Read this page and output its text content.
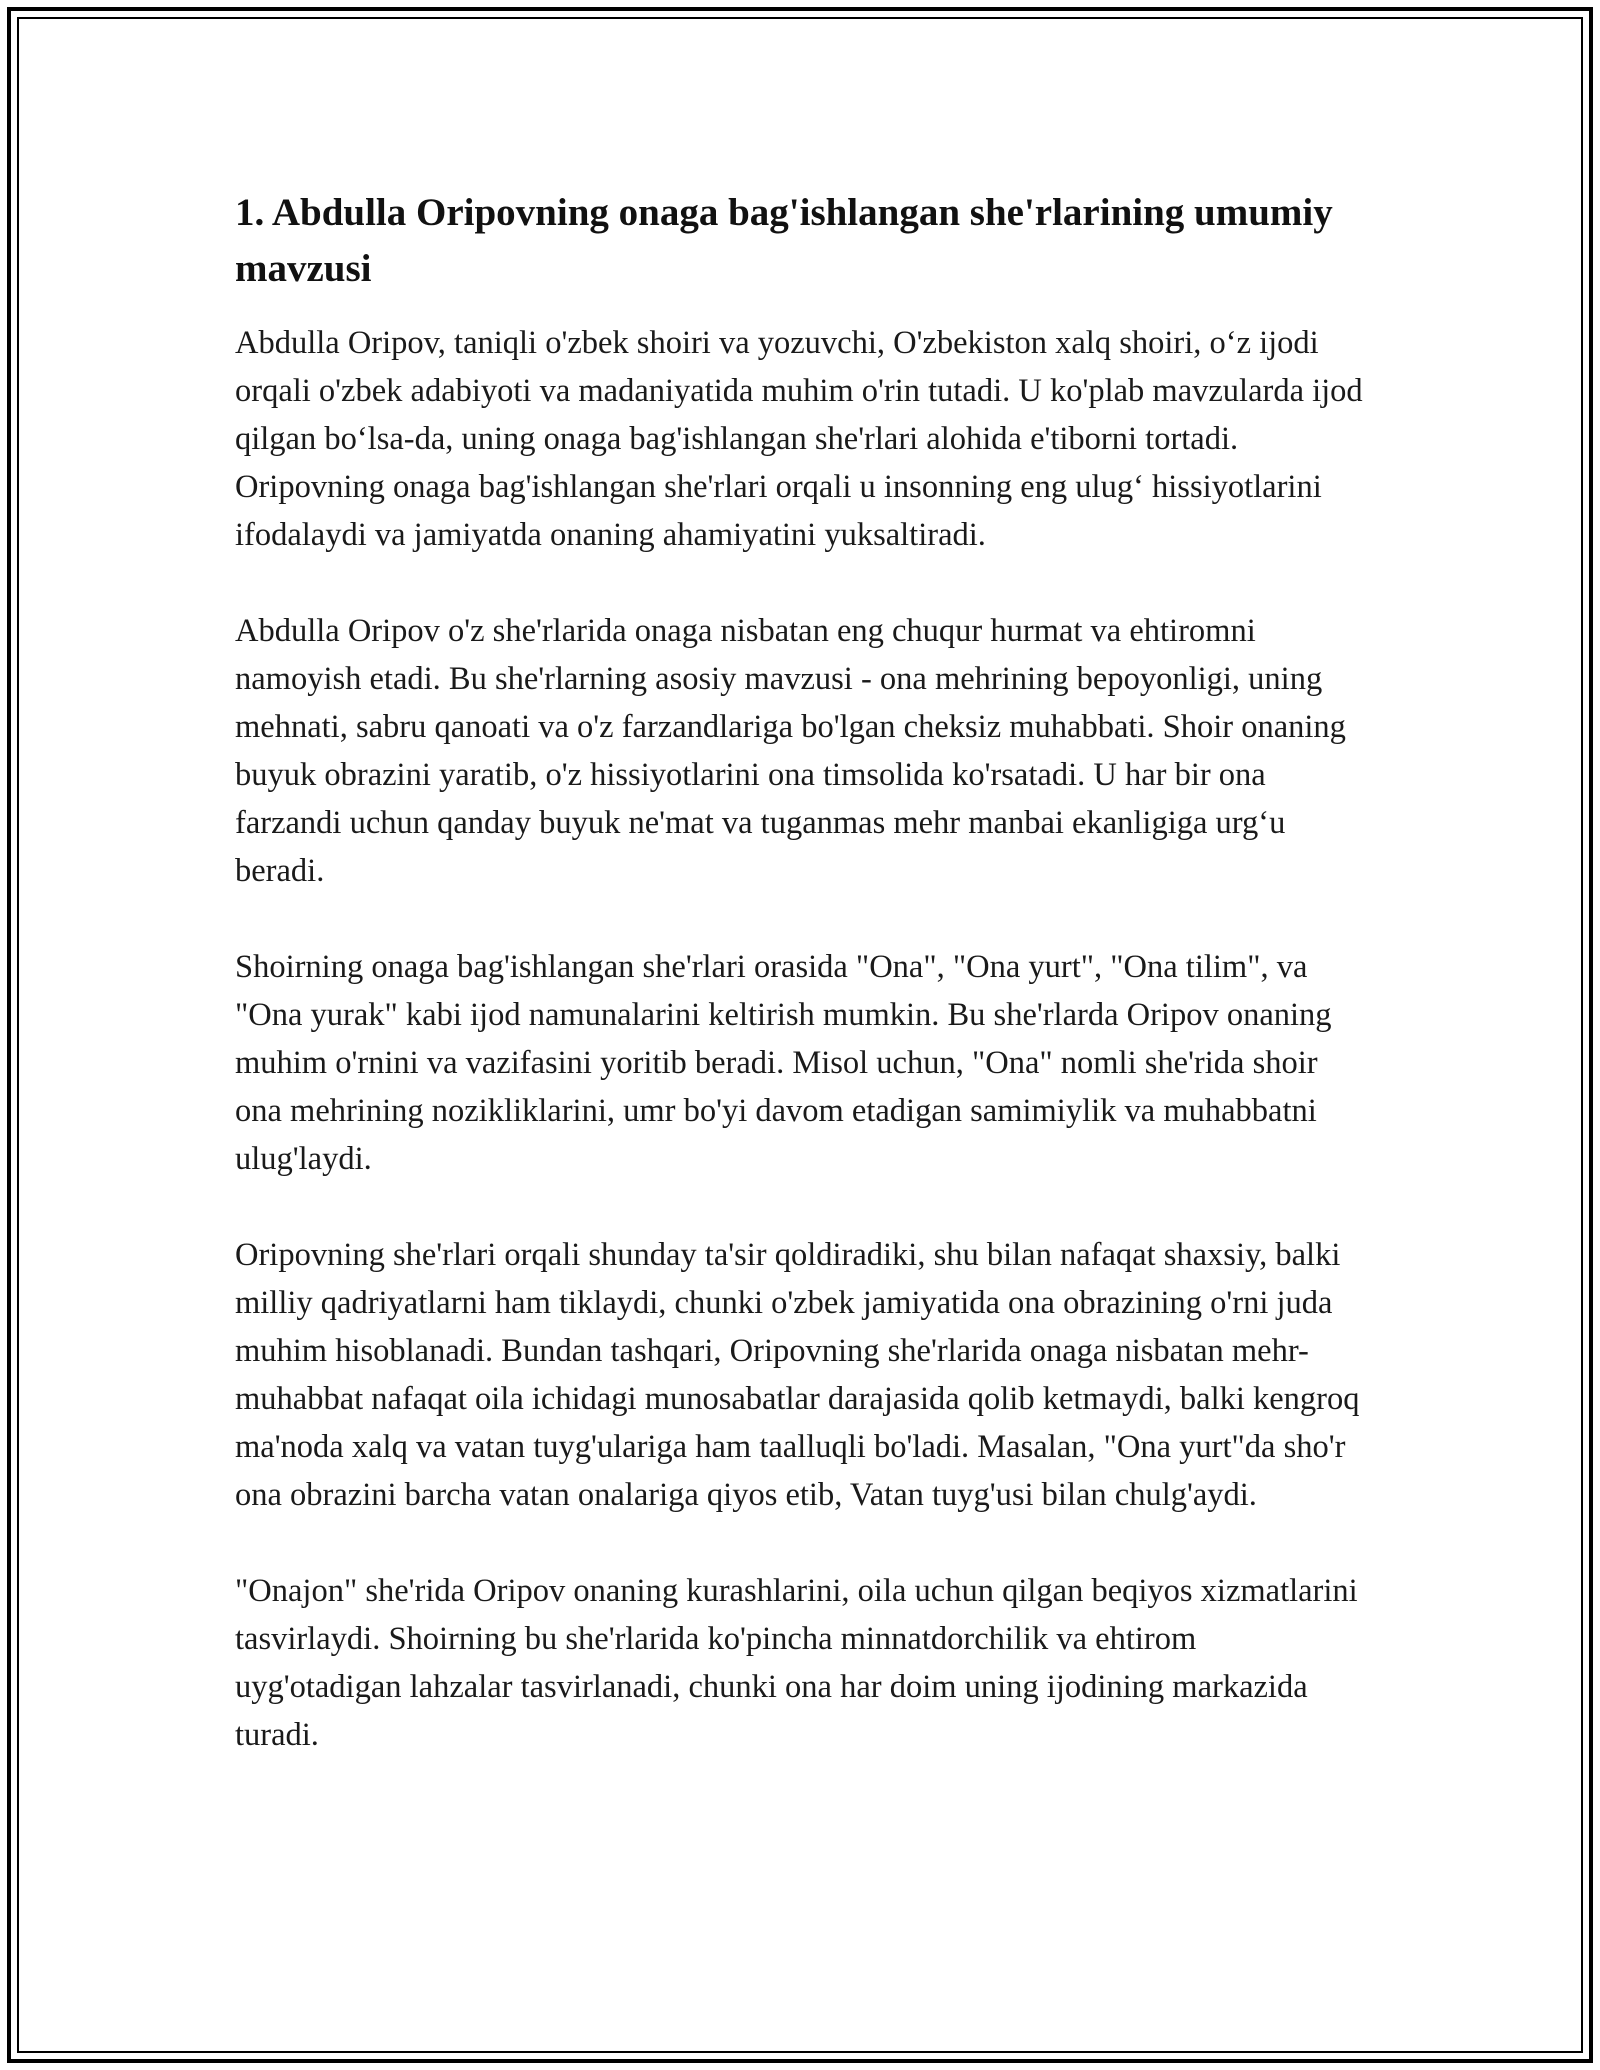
1. Abdulla Oripovning onaga bag'ishlangan she'rlarining umumiy mavzusi

Abdulla Oripov, taniqli o'zbek shoiri va yozuvchi, O'zbekiston xalq shoiri, o‘z ijodi orqali o'zbek adabiyoti va madaniyatida muhim o'rin tutadi. U ko'plab mavzularda ijod qilgan bo‘lsa-da, uning onaga bag'ishlangan she'rlari alohida e'tiborni tortadi. Oripovning onaga bag'ishlangan she'rlari orqali u insonning eng ulug‘ hissiyotlarini ifodalaydi va jamiyatda onaning ahamiyatini yuksaltiradi.

Abdulla Oripov o'z she'rlarida onaga nisbatan eng chuqur hurmat va ehtiromni namoyish etadi. Bu she'rlarning asosiy mavzusi - ona mehrining bepoyonligi, uning mehnati, sabru qanoati va o'z farzandlariga bo'lgan cheksiz muhabbati. Shoir onaning buyuk obrazini yaratib, o'z hissiyotlarini ona timsolida ko'rsatadi. U har bir ona farzandi uchun qanday buyuk ne'mat va tuganmas mehr manbai ekanligiga urg‘u beradi.

Shoirning onaga bag'ishlangan she'rlari orasida "Ona", "Ona yurt", "Ona tilim", va "Ona yurak" kabi ijod namunalarini keltirish mumkin. Bu she'rlarda Oripov onaning muhim o'rnini va vazifasini yoritib beradi. Misol uchun, "Ona" nomli she'rida shoir ona mehrining nozikliklarini, umr bo'yi davom etadigan samimiylik va muhabbatni ulug'laydi.

Oripovning she'rlari orqali shunday ta'sir qoldiradiki, shu bilan nafaqat shaxsiy, balki milliy qadriyatlarni ham tiklaydi, chunki o'zbek jamiyatida ona obrazining o'rni juda muhim hisoblanadi. Bundan tashqari, Oripovning she'rlarida onaga nisbatan mehr-muhabbat nafaqat oila ichidagi munosabatlar darajasida qolib ketmaydi, balki kengroq ma'noda xalq va vatan tuyg'ulariga ham taalluqli bo'ladi. Masalan, "Ona yurt"da sho'r ona obrazini barcha vatan onalariga qiyos etib, Vatan tuyg'usi bilan chulg'aydi.

"Onajon" she'rida Oripov onaning kurashlarini, oila uchun qilgan beqiyos xizmatlarini tasvirlaydi. Shoirning bu she'rlarida ko'pincha minnatdorchilik va ehtirom uyg'otadigan lahzalar tasvirlanadi, chunki ona har doim uning ijodining markazida turadi.
